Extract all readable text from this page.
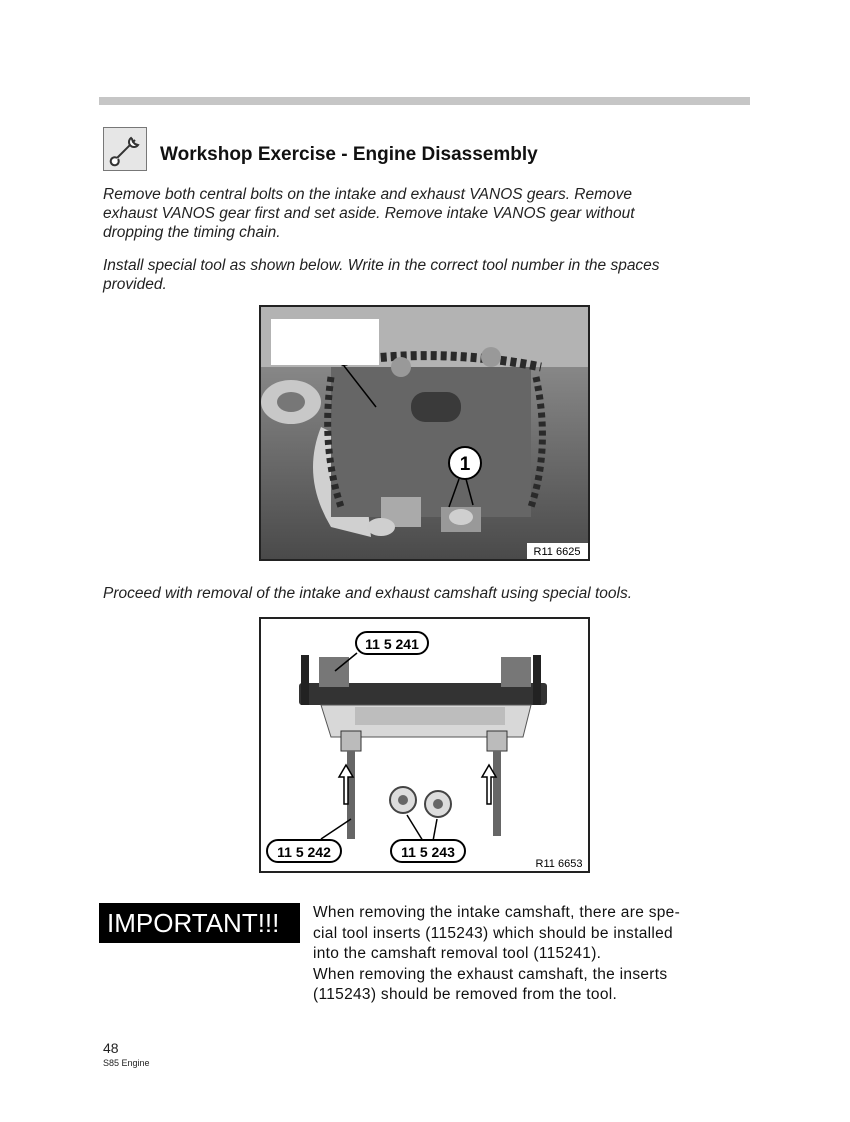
Workshop Exercise - Engine Disassembly
Remove both central bolts on the intake and exhaust VANOS gears. Remove
exhaust VANOS gear first and set aside. Remove intake VANOS gear without
dropping the timing chain.
Install special tool as shown below. Write in the correct tool number in the spaces
provided.
1
R11 6625
Proceed with removal of the intake and exhaust camshaft using special tools.
11 5 241
11 5 242	11 5 243
R11 6653
IMPORTANT!!!	When removing the intake camshaft, there are spe-
cial tool inserts (115243) which should be installed
into the camshaft removal tool (115241).
When removing the exhaust camshaft, the inserts
(115243) should be removed from the tool.
48
S85 Engine
